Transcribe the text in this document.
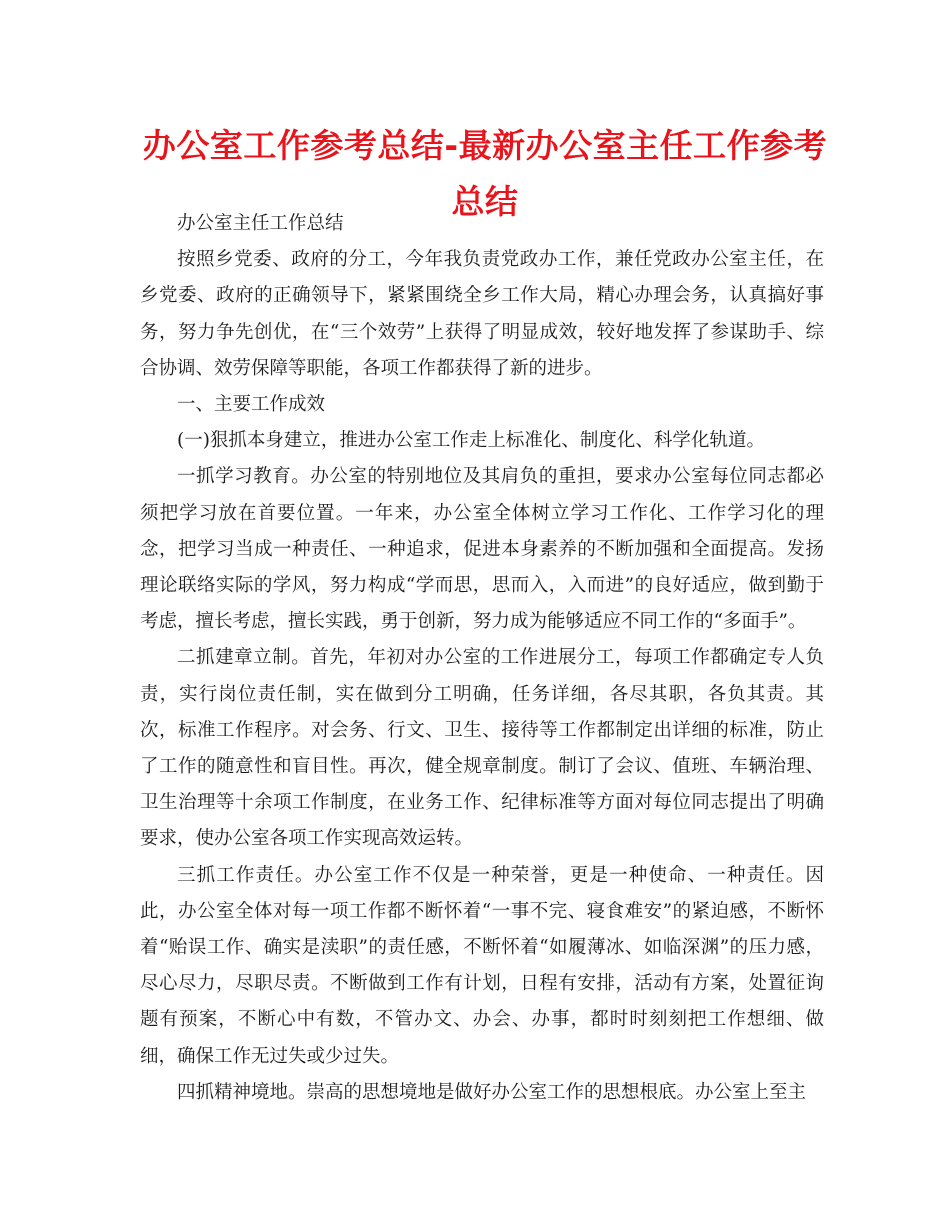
办公室工作参考总结-最新办公室主任工作参考总结

办公室主任工作总结

按照乡党委、政府的分工，今年我负责党政办工作，兼任党政办公室主任，在乡党委、政府的正确领导下，紧紧围绕全乡工作大局，精心办理会务，认真搞好事务，努力争先创优，在“三个效劳”上获得了明显成效，较好地发挥了参谋助手、综合协调、效劳保障等职能，各项工作都获得了新的进步。

一、主要工作成效

(一)狠抓本身建立，推进办公室工作走上标准化、制度化、科学化轨道。

一抓学习教育。办公室的特别地位及其肩负的重担，要求办公室每位同志都必须把学习放在首要位置。一年来，办公室全体树立学习工作化、工作学习化的理念，把学习当成一种责任、一种追求，促进本身素养的不断加强和全面提高。发扬理论联络实际的学风，努力构成“学而思，思而入，入而进”的良好适应，做到勤于考虑，擅长考虑，擅长实践，勇于创新，努力成为能够适应不同工作的“多面手”。

二抓建章立制。首先，年初对办公室的工作进展分工，每项工作都确定专人负责，实行岗位责任制，实在做到分工明确，任务详细，各尽其职，各负其责。其次，标准工作程序。对会务、行文、卫生、接待等工作都制定出详细的标准，防止了工作的随意性和盲目性。再次，健全规章制度。制订了会议、值班、车辆治理、卫生治理等十余项工作制度，在业务工作、纪律标准等方面对每位同志提出了明确要求，使办公室各项工作实现高效运转。

三抓工作责任。办公室工作不仅是一种荣誉，更是一种使命、一种责任。因此，办公室全体对每一项工作都不断怀着“一事不完、寝食难安”的紧迫感，不断怀着“贻误工作、确实是渎职”的责任感，不断怀着“如履薄冰、如临深渊”的压力感，尽心尽力，尽职尽责。不断做到工作有计划，日程有安排，活动有方案，处置征询题有预案，不断心中有数，不管办文、办会、办事，都时时刻刻把工作想细、做细，确保工作无过失或少过失。

四抓精神境地。崇高的思想境地是做好办公室工作的思想根底。办公室上至主
